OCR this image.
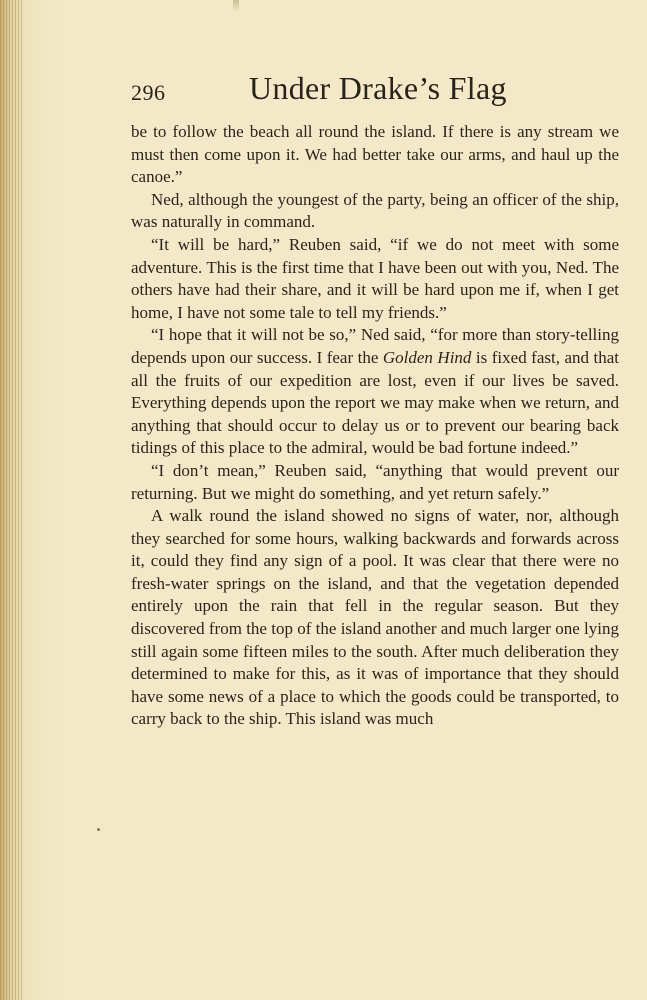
296	Under Drake’s Flag

be to follow the beach all round the island. If there is any stream we must then come upon it. We had better take our arms, and haul up the canoe.”

Ned, although the youngest of the party, being an officer of the ship, was naturally in command.

“It will be hard,” Reuben said, “if we do not meet with some adventure. This is the first time that I have been out with you, Ned. The others have had their share, and it will be hard upon me if, when I get home, I have not some tale to tell my friends.”

“I hope that it will not be so,” Ned said, “for more than story-telling depends upon our success. I fear the Golden Hind is fixed fast, and that all the fruits of our expedition are lost, even if our lives be saved. Everything depends upon the report we may make when we return, and anything that should occur to delay us or to prevent our bearing back tidings of this place to the admiral, would be bad fortune indeed.”

“I don’t mean,” Reuben said, “anything that would prevent our returning. But we might do something, and yet return safely.”

A walk round the island showed no signs of water, nor, although they searched for some hours, walking backwards and forwards across it, could they find any sign of a pool. It was clear that there were no fresh-water springs on the island, and that the vegetation depended entirely upon the rain that fell in the regular season. But they discovered from the top of the island another and much larger one lying still again some fifteen miles to the south. After much deliberation they determined to make for this, as it was of importance that they should have some news of a place to which the goods could be transported, to carry back to the ship. This island was much
